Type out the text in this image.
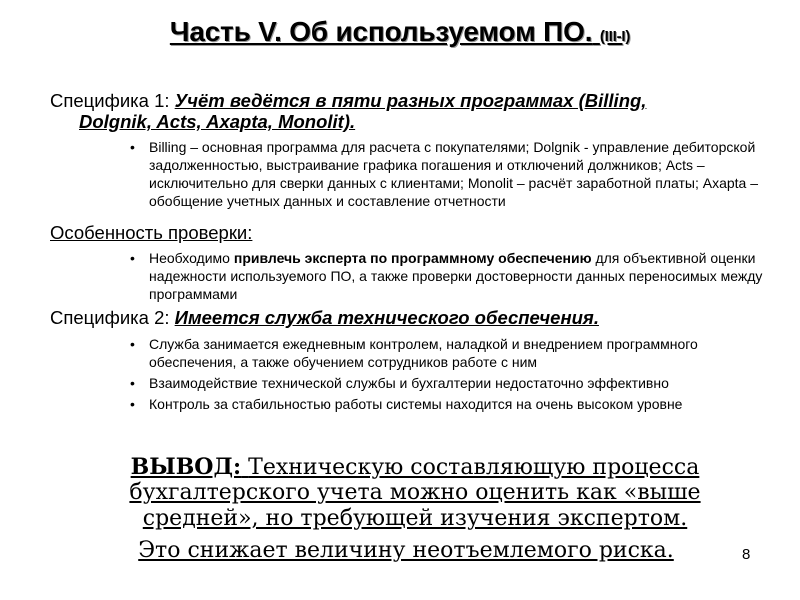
Часть V. Об используемом ПО. (III-I)
Специфика 1: Учёт ведётся в пяти разных программах (Billing,
Dolgnik, Acts, Axapta, Monolit).
• Billing – основная программа для расчета с покупателями; Dolgnik - управление дебиторской задолженностью, выстраивание графика погашения и отключений должников; Acts – исключительно для сверки данных с клиентами; Monolit – расчёт заработной платы; Axapta – обобщение учетных данных и составление отчетности
Особенность проверки:
• Необходимо привлечь эксперта по программному обеспечению для объективной оценки надежности используемого ПО, а также проверки достоверности данных переносимых между программами
Специфика 2: Имеется служба технического обеспечения.
• Служба занимается ежедневным контролем, наладкой и внедрением программного обеспечения, а также обучением сотрудников работе с ним
• Взаимодействие технической службы и бухгалтерии недостаточно эффективно
• Контроль за стабильностью работы системы находится на очень высоком уровне
ВЫВОД: Техническую составляющую процесса
бухгалтерского учета можно оценить как «выше
средней», но требующей изучения экспертом.
Это снижает величину неотъемлемого риска.	8
